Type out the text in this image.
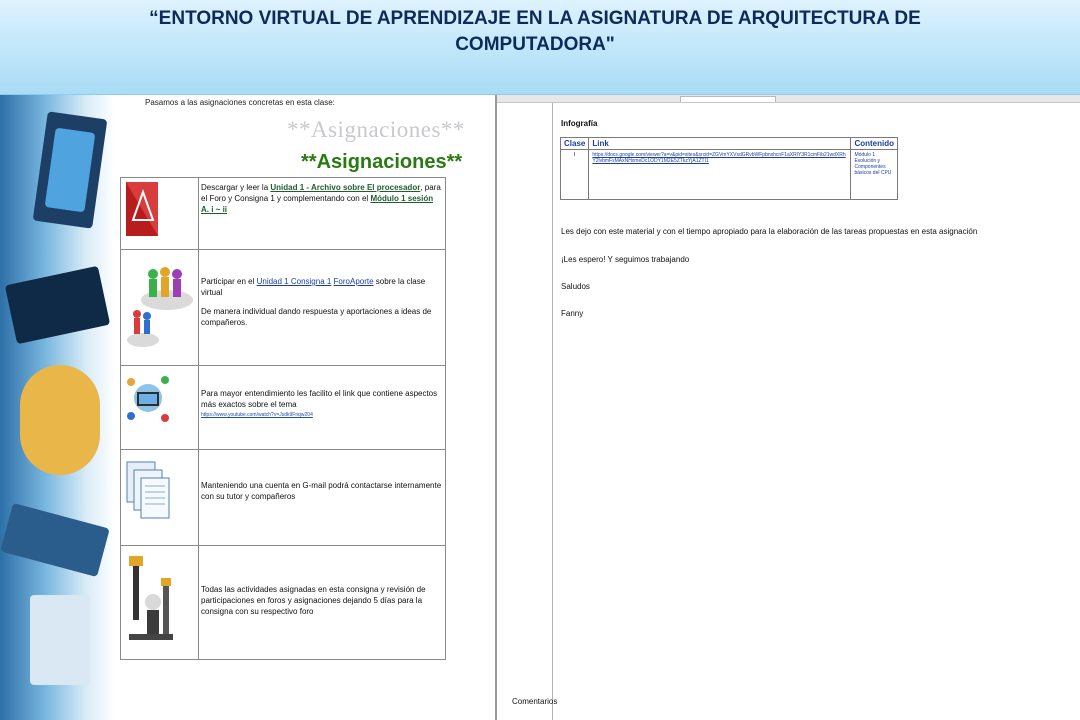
“ENTORNO VIRTUAL DE APRENDIZAJE EN LA ASIGNATURA DE ARQUITECTURA DE COMPUTADORA"
Pasamos a las asignaciones concretas en esta clase:
**Asignaciones**
**Asignaciones**
	Descargar y leer la Unidad 1 - Archivo sobre El procesador, para el Foro y Consigna 1 y complementando con el Módulo 1 sesión A. i ~ ii

Participar en el Unidad 1 Consigna 1 ForoAporte sobre la clase virtual
De manera individual dando respuesta y aportaciones a ideas de compañeros.

Para mayor entendimiento les facilito el link que contiene aspectos más exactos sobre el tema
https://www.youtube.com/watch?v=Jsdk9Fnqw204

Manteniendo una cuenta en G-mail podrá contactarse internamente con su tutor y compañeros

Todas las actividades asignadas en esta consigna y revisión de participaciones en foros y asignaciones dejando 5 días para la consigna con su respectivo foro
Infografía
Clase	Link	Contenido
I	https://docs.google.com/viewer?a=v&pid=sites&srcid=ZGVmYXVsdGRvbWFpbnxhcnF1aXRlY3R1cmFib21wdXRhY2lvbmFsMAxNHxmeDc1ODY1M2E5ZTkzYjA1ZTI1	Módulo 1 Evolución y Componentes básicos del CPU
Les dejo con este material y con el tiempo apropiado para la elaboración de las tareas propuestas en esta asignación
¡Les espero! Y seguimos trabajando
Saludos
Fanny
Comentarios
